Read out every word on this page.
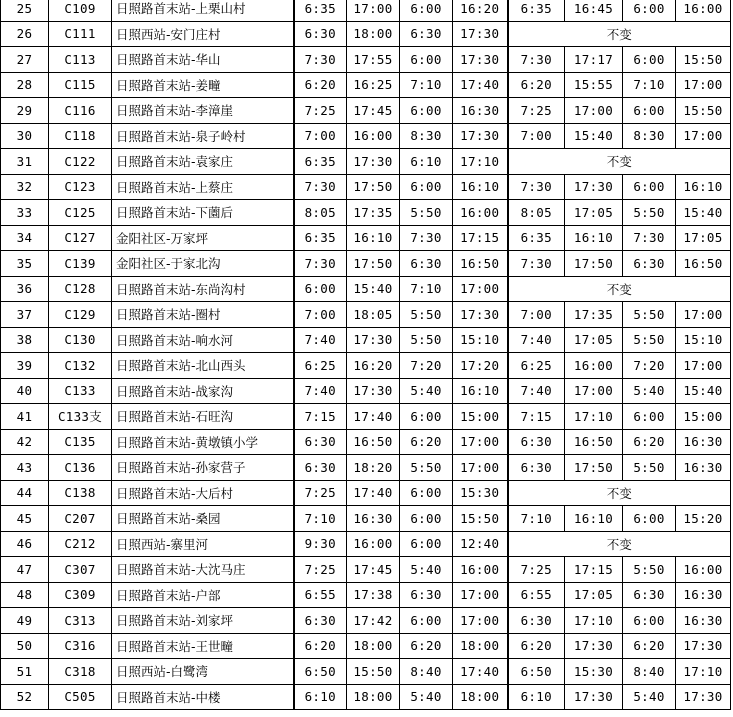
25	C109	日照路首末站-上栗山村	6:35	17:00	6:00	16:20	6:35	16:45	6:00	16:00
26	C111	日照西站-安门庄村	6:30	18:00	6:30	17:30	不变			
27	C113	日照路首末站-华山	7:30	17:55	6:00	17:30	7:30	17:17	6:00	15:50
28	C115	日照路首末站-姜疃	6:20	16:25	7:10	17:40	6:20	15:55	7:10	17:00
29	C116	日照路首末站-李漳崖	7:25	17:45	6:00	16:30	7:25	17:00	6:00	15:50
30	C118	日照路首末站-泉子岭村	7:00	16:00	8:30	17:30	7:00	15:40	8:30	17:00
31	C122	日照路首末站-袁家庄	6:35	17:30	6:10	17:10	不变			
32	C123	日照路首末站-上蔡庄	7:30	17:50	6:00	16:10	7:30	17:30	6:00	16:10
33	C125	日照路首末站-下薗后	8:05	17:35	5:50	16:00	8:05	17:05	5:50	15:40
34	C127	金阳社区-万家坪	6:35	16:10	7:30	17:15	6:35	16:10	7:30	17:05
35	C139	金阳社区-于家北沟	7:30	17:50	6:30	16:50	7:30	17:50	6:30	16:50
36	C128	日照路首末站-东尚沟村	6:00	15:40	7:10	17:00	不变			
37	C129	日照路首末站-圈村	7:00	18:05	5:50	17:30	7:00	17:35	5:50	17:00
38	C130	日照路首末站-响水河	7:40	17:30	5:50	15:10	7:40	17:05	5:50	15:10
39	C132	日照路首末站-北山西头	6:25	16:20	7:20	17:20	6:25	16:00	7:20	17:00
40	C133	日照路首末站-战家沟	7:40	17:30	5:40	16:10	7:40	17:00	5:40	15:40
41	C133支	日照路首末站-石旺沟	7:15	17:40	6:00	15:00	7:15	17:10	6:00	15:00
42	C135	日照路首末站-黄墩镇小学	6:30	16:50	6:20	17:00	6:30	16:50	6:20	16:30
43	C136	日照路首末站-孙家营子	6:30	18:20	5:50	17:00	6:30	17:50	5:50	16:30
44	C138	日照路首末站-大后村	7:25	17:40	6:00	15:30	不变			
45	C207	日照路首末站-桑园	7:10	16:30	6:00	15:50	7:10	16:10	6:00	15:20
46	C212	日照西站-寨里河	9:30	16:00	6:00	12:40	不变			
47	C307	日照路首末站-大沈马庄	7:25	17:45	5:40	16:00	7:25	17:15	5:50	16:00
48	C309	日照路首末站-户部	6:55	17:38	6:30	17:00	6:55	17:05	6:30	16:30
49	C313	日照路首末站-刘家坪	6:30	17:42	6:00	17:00	6:30	17:10	6:00	16:30
50	C316	日照路首末站-王世疃	6:20	18:00	6:20	18:00	6:20	17:30	6:20	17:30
51	C318	日照西站-白鹭湾	6:50	15:50	8:40	17:40	6:50	15:30	8:40	17:10
52	C505	日照路首末站-中楼	6:10	18:00	5:40	18:00	6:10	17:30	5:40	17:30
